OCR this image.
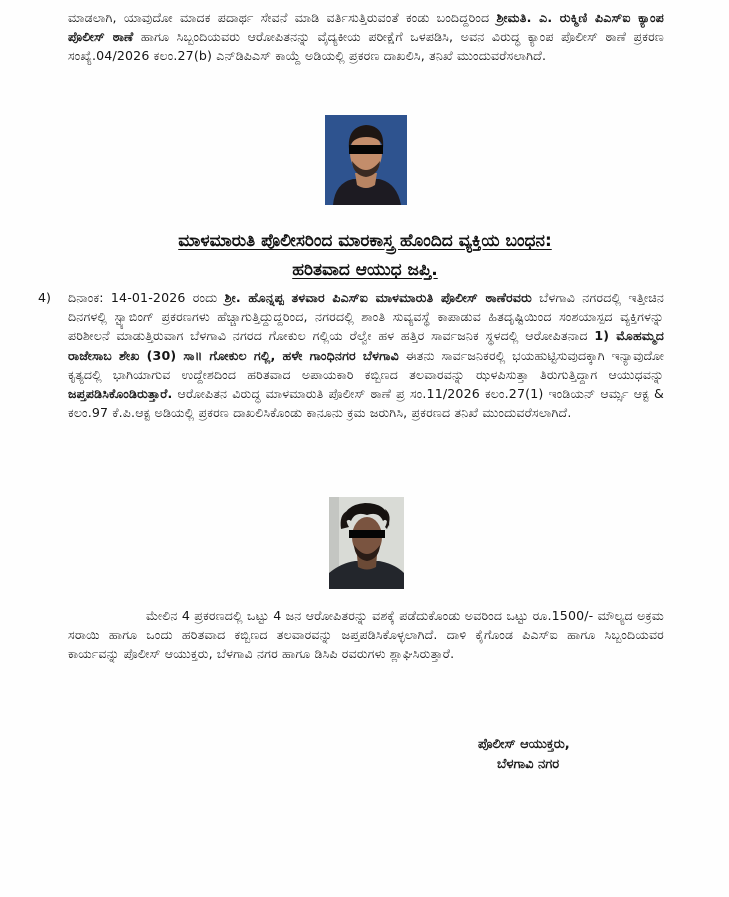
ಮಾಡಲಾಗಿ, ಯಾವುದೋ ಮಾದಕ ಪದಾರ್ಥ ಸೇವನೆ ಮಾಡಿ ವರ್ತಿಸುತ್ತಿರುವಂತೆ ಕಂಡು ಬಂದಿದ್ದರಿಂದ ಶ್ರೀಮತಿ. ಎ. ರುಕ್ಮಿಣಿ ಪಿಎಸ್ಐ ಕ್ಯಾಂಪ ಪೊಲೀಸ್ ಠಾಣೆ ಹಾಗೂ ಸಿಬ್ಬಂದಿಯವರು ಆರೋಪಿತನನ್ನು ವೈದ್ಯಕೀಯ ಪರೀಕ್ಷೆಗೆ ಒಳಪಡಿಸಿ, ಅವನ ವಿರುದ್ಧ ಕ್ಯಾಂಪ ಪೊಲೀಸ್ ಠಾಣೆ ಪ್ರಕರಣ ಸಂಖ್ಯೆ.04/2026 ಕಲಂ.27(b) ಎನ್‌ಡಿಪಿಎಸ್ ಕಾಯ್ದೆ ಅಡಿಯಲ್ಲಿ ಪ್ರಕರಣ ದಾಖಲಿಸಿ, ತನಿಖೆ ಮುಂದುವರೆಸಲಾಗಿದೆ.
ಮಾಳಮಾರುತಿ ಪೊಲೀಸರಿಂದ ಮಾರಕಾಸ್ತ್ರ ಹೊಂದಿದ ವ್ಯಕ್ತಿಯ ಬಂಧನ:
ಹರಿತವಾದ ಆಯುಧ ಜಪ್ತಿ.
4) ದಿನಾಂಕ: 14-01-2026 ರಂದು ಶ್ರೀ. ಹೊನ್ನಪ್ಪ ತಳವಾರ ಪಿಎಸ್ಐ ಮಾಳಮಾರುತಿ ಪೊಲೀಸ್ ಠಾಣೆರವರು ಬೆಳಗಾವಿ ನಗರದಲ್ಲಿ ಇತ್ತೀಚಿನ ದಿನಗಳಲ್ಲಿ ಸ್ಟ್ಯಾಬಿಂಗ್ ಪ್ರಕರಣಗಳು ಹೆಚ್ಚಾಗುತ್ತಿದ್ದುದ್ದರಿಂದ, ನಗರದಲ್ಲಿ ಶಾಂತಿ ಸುವ್ಯವಸ್ಥೆ ಕಾಪಾಡುವ ಹಿತದೃಷ್ಟಿಯಿಂದ ಸಂಶಯಾಸ್ಪದ ವ್ಯಕ್ತಿಗಳನ್ನು ಪರಿಶೀಲನೆ ಮಾಡುತ್ತಿರುವಾಗ ಬೆಳಗಾವಿ ನಗರದ ಗೋಕುಲ ಗಲ್ಲಿಯ ರೆಲ್ವೇ ಹಳ ಹತ್ತಿರ ಸಾರ್ವಜನಿಕ ಸ್ಥಳದಲ್ಲಿ ಆರೋಪಿತನಾದ 1) ಮೊಹಮ್ಮದ ರಾಜೇಸಾಬ ಶೇಖ (30) ಸಾ॥ ಗೋಕುಲ ಗಲ್ಲಿ, ಹಳೇ ಗಾಂಧಿನಗರ ಬೆಳಗಾವಿ ಈತನು ಸಾರ್ವಜನಿಕರಲ್ಲಿ ಭಯಹುಟ್ಟಿಸುವುದಕ್ಕಾಗಿ ಇನ್ಯಾವುದೋ ಕೃತ್ಯದಲ್ಲಿ ಭಾಗಿಯಾಗುವ ಉದ್ದೇಶದಿಂದ ಹರಿತವಾದ ಅಪಾಯಕಾರಿ ಕಬ್ಬಿಣದ ತಲವಾರವನ್ನು ಝಳಪಿಸುತ್ತಾ ತಿರುಗುತ್ತಿದ್ದಾಗ ಆಯುಧವನ್ನು ಜಪ್ತಪಡಿಸಿಕೊಂಡಿರುತ್ತಾರೆ. ಆರೋಪಿತನ ವಿರುದ್ಧ ಮಾಳಮಾರುತಿ ಪೊಲೀಸ್ ಠಾಣೆ ಪ್ರ ಸಂ.11/2026 ಕಲಂ.27(1) ಇಂಡಿಯನ್ ಆರ್ಮ್ಸ ಆಕ್ಟ & ಕಲಂ.97 ಕೆ.ಪಿ.ಆಕ್ಟ ಅಡಿಯಲ್ಲಿ ಪ್ರಕರಣ ದಾಖಲಿಸಿಕೊಂಡು ಕಾನೂನು ಕ್ರಮ ಜರುಗಿಸಿ, ಪ್ರಕರಣದ ತನಿಖೆ ಮುಂದುವರೆಸಲಾಗಿದೆ.
ಮೇಲಿನ 4 ಪ್ರಕರಣದಲ್ಲಿ ಒಟ್ಟು 4 ಜನ ಆರೋಪಿತರನ್ನು ವಶಕ್ಕೆ ಪಡೆದುಕೊಂಡು ಅವರಿಂದ ಒಟ್ಟು ರೂ.1500/- ಮೌಲ್ಯದ ಅಕ್ರಮ ಸರಾಯಿ ಹಾಗೂ ಒಂದು ಹರಿತವಾದ ಕಬ್ಬಿಣದ ತಲವಾರವನ್ನು ಜಪ್ತಪಡಿಸಿಕೊಳ್ಳಲಾಗಿದೆ. ದಾಳಿ ಕೈಗೊಂಡ ಪಿಎಸ್ಐ ಹಾಗೂ ಸಿಬ್ಬಂದಿಯವರ ಕಾರ್ಯವನ್ನು ಪೊಲೀಸ್ ಆಯುಕ್ತರು, ಬೆಳಗಾವಿ ನಗರ ಹಾಗೂ ಡಿಸಿಪಿ ರವರುಗಳು ಶ್ಲಾಘಿಸಿರುತ್ತಾರೆ.
ಪೊಲೀಸ್ ಆಯುಕ್ತರು,
ಬೆಳಗಾವಿ ನಗರ
